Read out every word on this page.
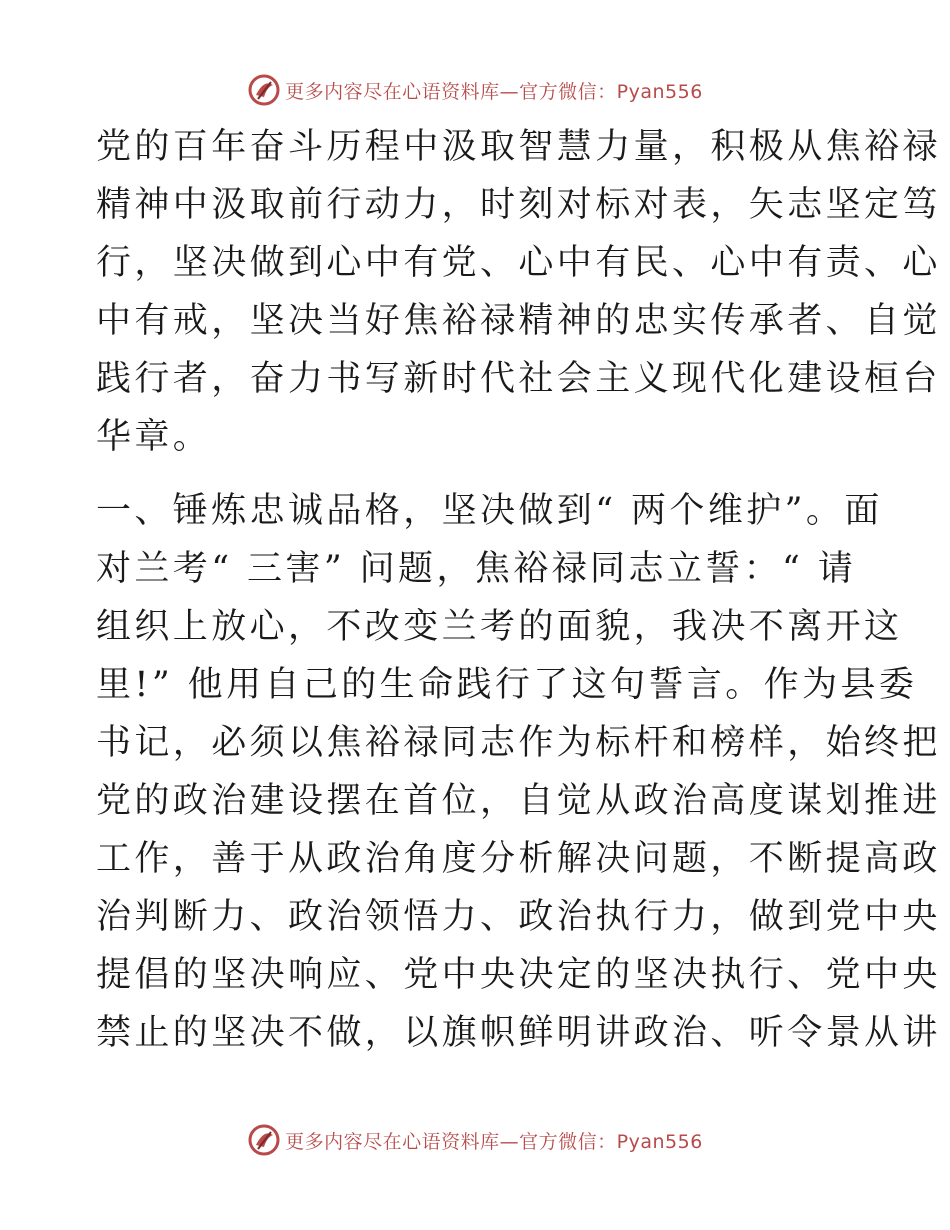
更多内容尽在心语资料库—官方微信：Pyan556

党的百年奋斗历程中汲取智慧力量，积极从焦裕禄
精神中汲取前行动力，时刻对标对表，矢志坚定笃
行，坚决做到心中有党、心中有民、心中有责、心
中有戒，坚决当好焦裕禄精神的忠实传承者、自觉
践行者，奋力书写新时代社会主义现代化建设桓台
华章。

一、锤炼忠诚品格，坚决做到“ 两个维护”。面
对兰考“ 三害” 问题，焦裕禄同志立誓：“ 请
组织上放心，不改变兰考的面貌，我决不离开这
里!” 他用自己的生命践行了这句誓言。作为县委
书记，必须以焦裕禄同志作为标杆和榜样，始终把
党的政治建设摆在首位，自觉从政治高度谋划推进
工作，善于从政治角度分析解决问题，不断提高政
治判断力、政治领悟力、政治执行力，做到党中央
提倡的坚决响应、党中央决定的坚决执行、党中央
禁止的坚决不做，以旗帜鲜明讲政治、听令景从讲

更多内容尽在心语资料库—官方微信：Pyan556
